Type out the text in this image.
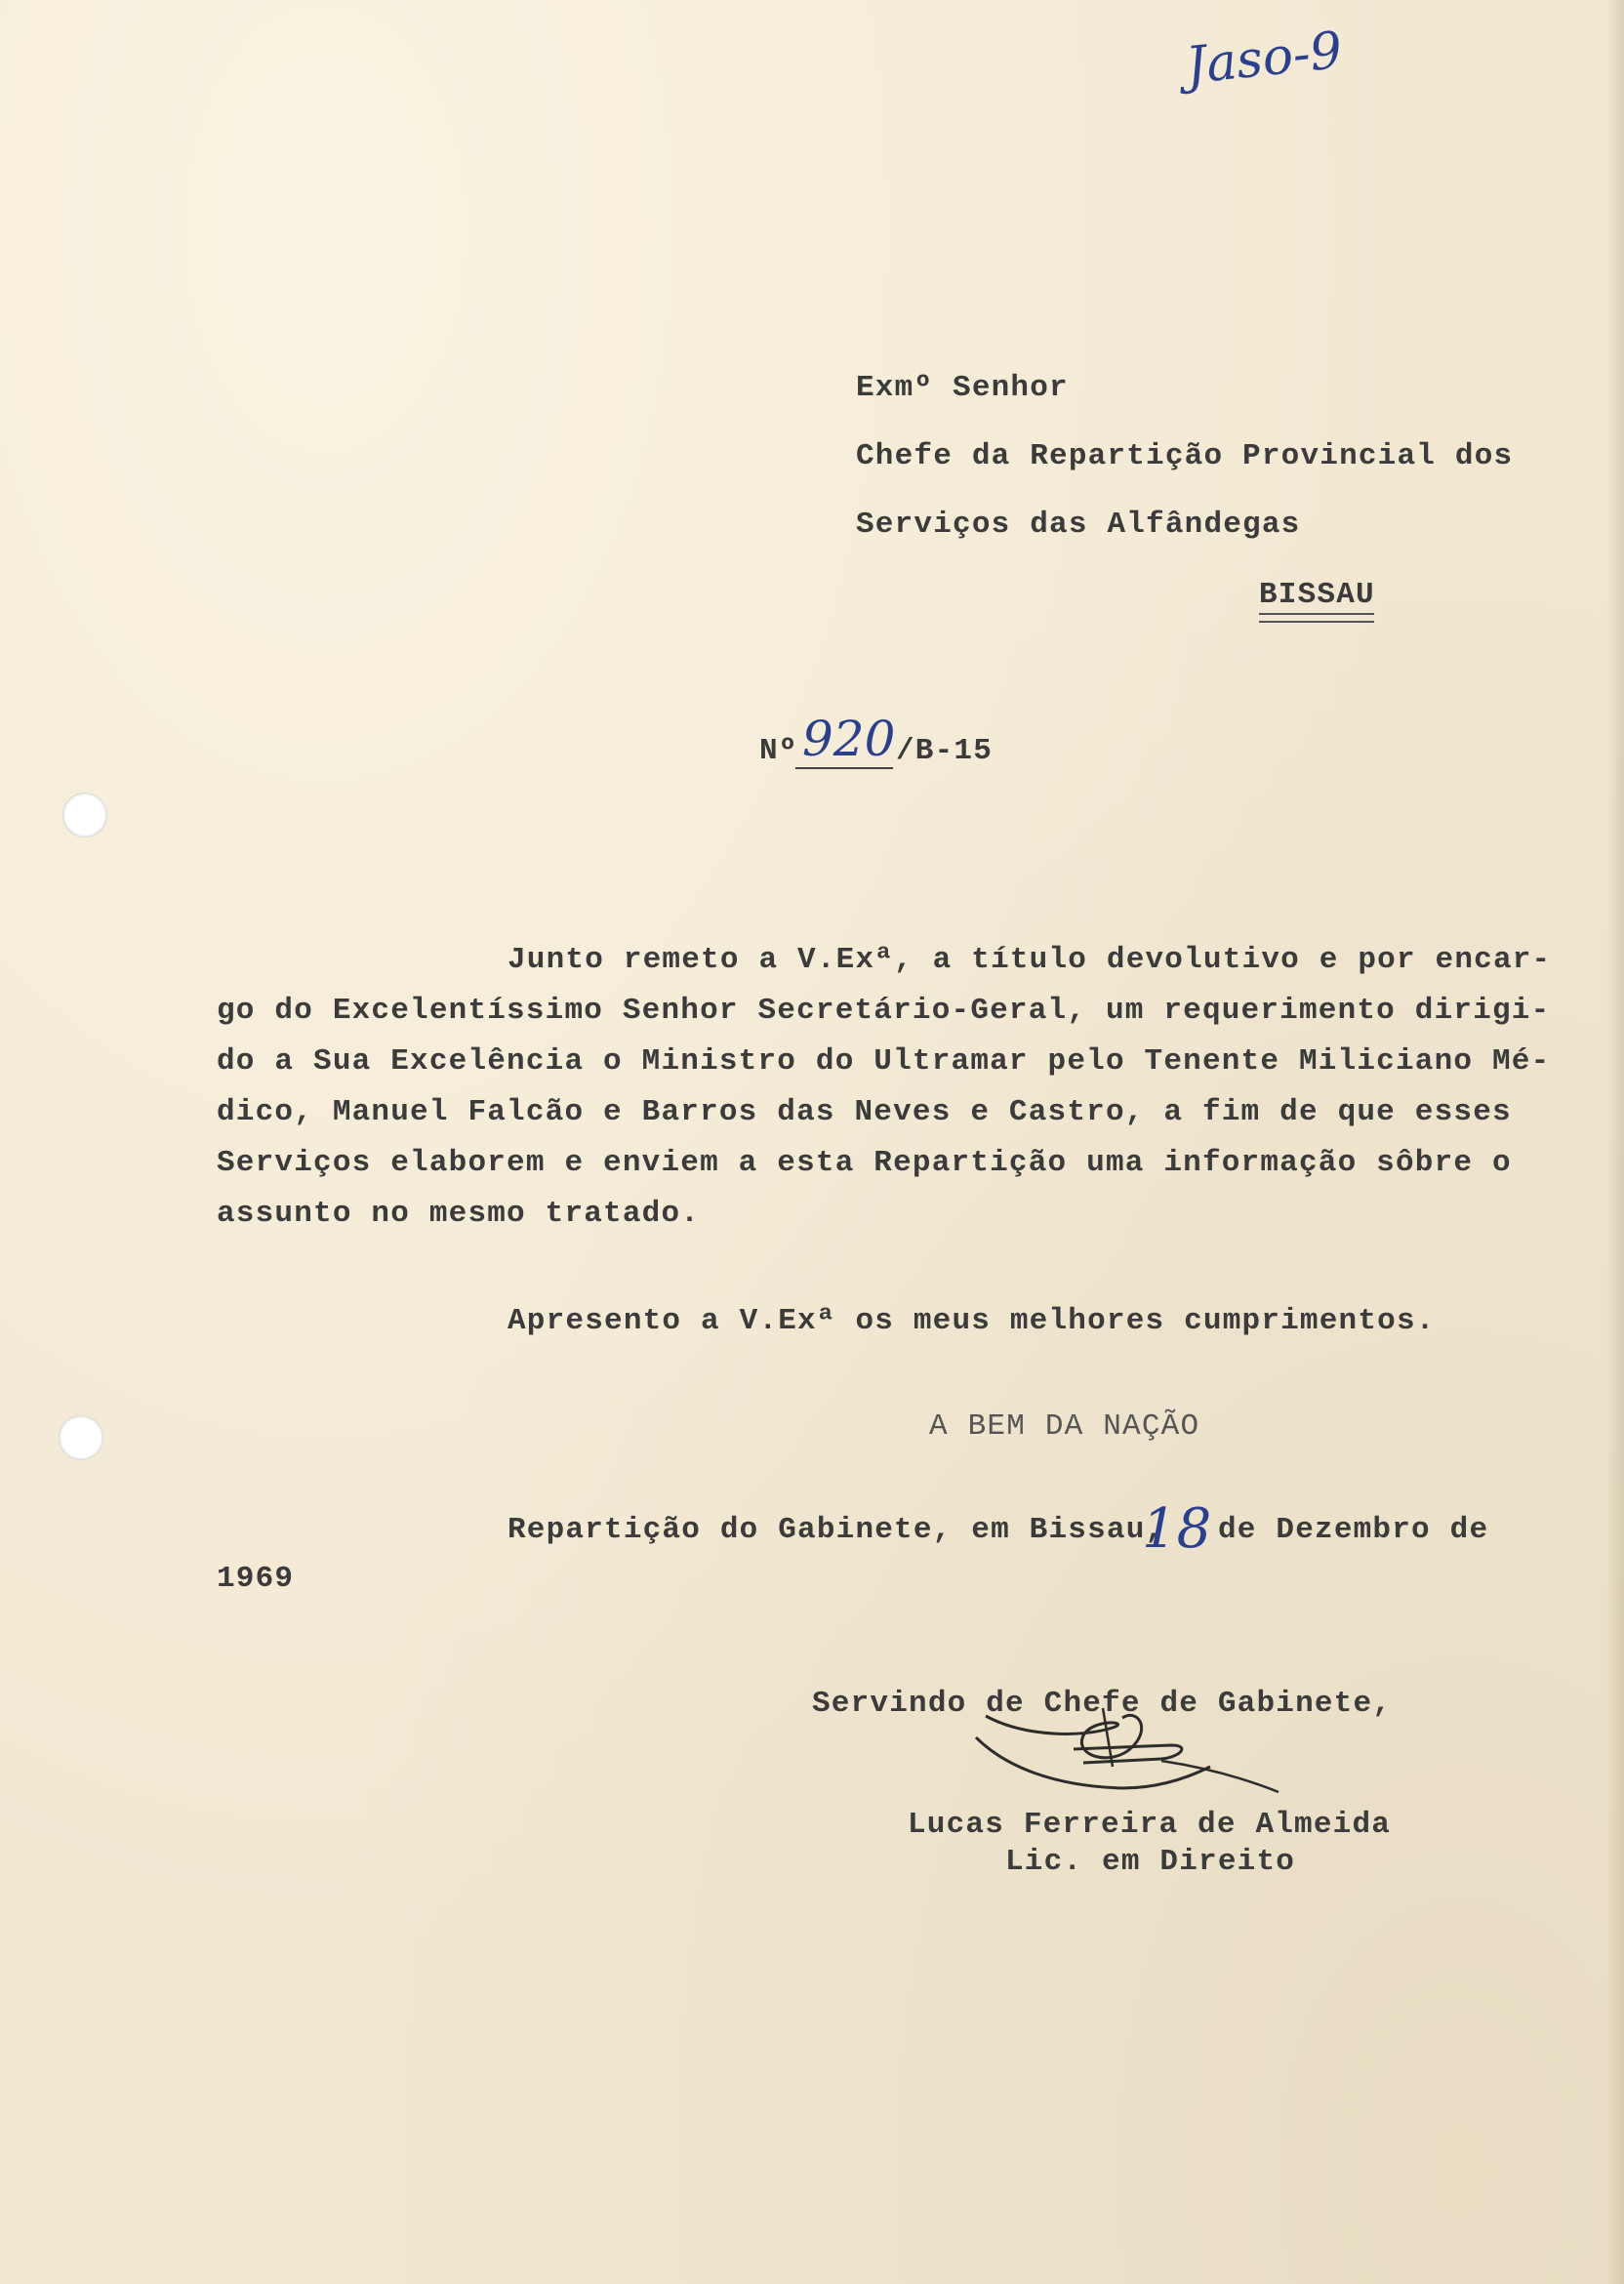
Jaso-9
Exmº Senhor
Chefe da Repartição Provincial dos
Serviços das Alfândegas
BISSAU
Nº 920 /B-15
Junto remeto a V.Exª, a título devolutivo e por encar-
go do Excelentíssimo Senhor Secretário-Geral, um requerimento dirigi-
do a Sua Excelência o Ministro do Ultramar pelo Tenente Miliciano Mé-
dico, Manuel Falcão e Barros das Neves e Castro, a fim de que esses
Serviços elaborem e enviem a esta Repartição uma informação sôbre o
assunto no mesmo tratado.
Apresento a V.Exª os meus melhores cumprimentos.
A BEM DA NAÇÃO
Repartição do Gabinete, em Bissau,
18 de Dezembro de
1969
Servindo de Chefe de Gabinete,
Lucas Ferreira de Almeida
Lic. em Direito
